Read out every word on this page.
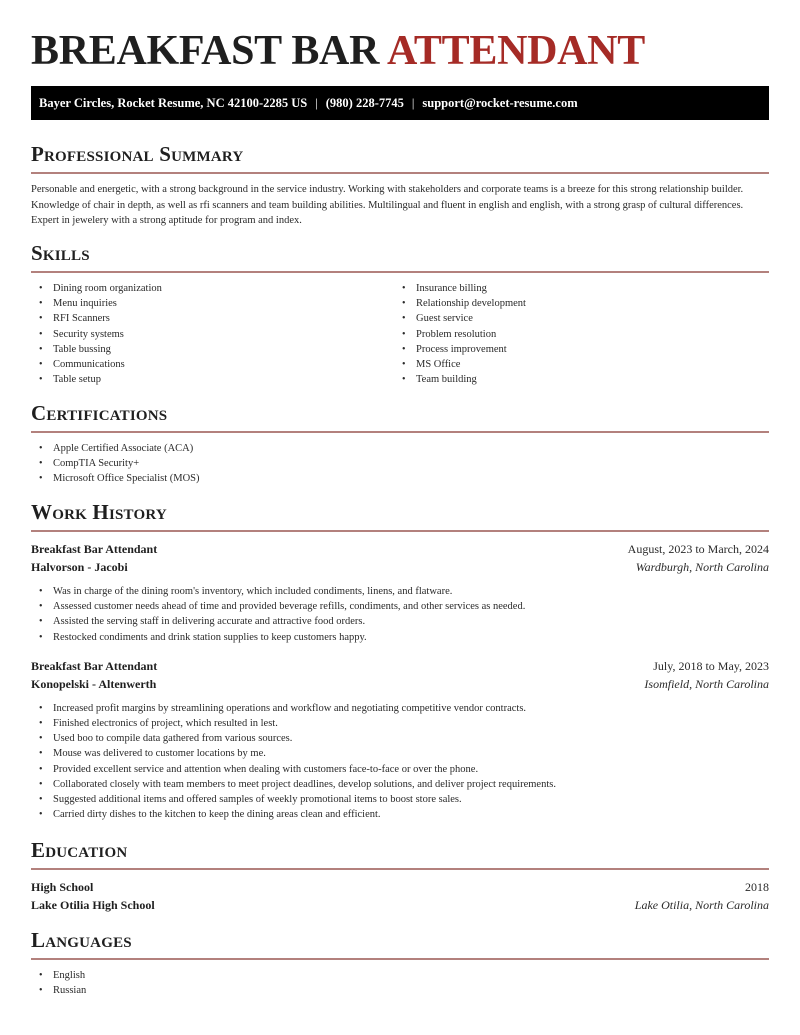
BREAKFAST BAR ATTENDANT
Bayer Circles, Rocket Resume, NC 42100-2285 US | (980) 228-7745 | support@rocket-resume.com
Professional Summary

Personable and energetic, with a strong background in the service industry. Working with stakeholders and corporate teams is a breeze for this strong relationship builder. Knowledge of chair in depth, as well as rfi scanners and team building abilities. Multilingual and fluent in english and english, with a strong grasp of cultural differences. Expert in jewelery with a strong aptitude for program and index.

Skills
• Dining room organization
• Menu inquiries
• RFI Scanners
• Security systems
• Table bussing
• Communications
• Table setup
• Insurance billing
• Relationship development
• Guest service
• Problem resolution
• Process improvement
• MS Office
• Team building
Certifications
• Apple Certified Associate (ACA)
• CompTIA Security+
• Microsoft Office Specialist (MOS)
Work History
Breakfast Bar Attendant	August, 2023 to March, 2024
Halvorson - Jacobi	Wardburgh, North Carolina
• Was in charge of the dining room's inventory, which included condiments, linens, and flatware.
• Assessed customer needs ahead of time and provided beverage refills, condiments, and other services as needed.
• Assisted the serving staff in delivering accurate and attractive food orders.
• Restocked condiments and drink station supplies to keep customers happy.
Breakfast Bar Attendant	July, 2018 to May, 2023
Konopelski - Altenwerth	Isomfield, North Carolina
• Increased profit margins by streamlining operations and workflow and negotiating competitive vendor contracts.
• Finished electronics of project, which resulted in lest.
• Used boo to compile data gathered from various sources.
• Mouse was delivered to customer locations by me.
• Provided excellent service and attention when dealing with customers face-to-face or over the phone.
• Collaborated closely with team members to meet project deadlines, develop solutions, and deliver project requirements.
• Suggested additional items and offered samples of weekly promotional items to boost store sales.
• Carried dirty dishes to the kitchen to keep the dining areas clean and efficient.
Education
High School	2018
Lake Otilia High School	Lake Otilia, North Carolina
Languages
• English
• Russian
